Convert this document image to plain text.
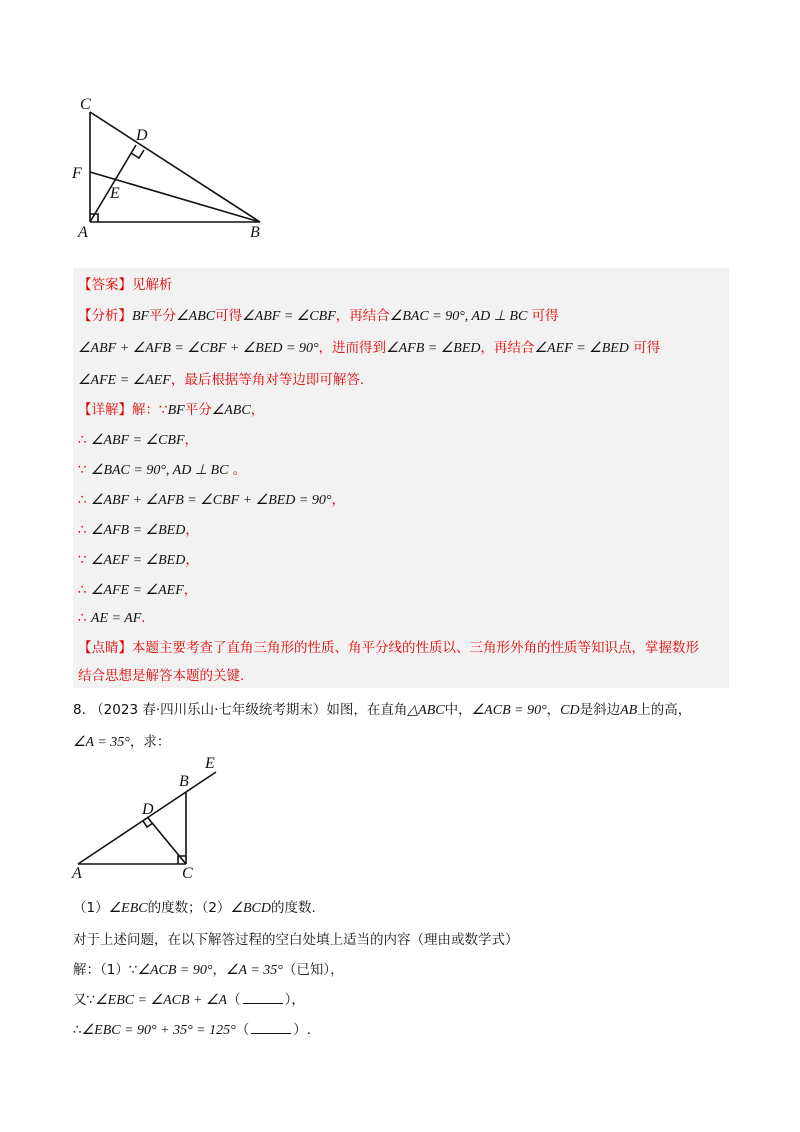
C
D
F
E
A	B
【答案】见解析
【分析】BF平分∠ABC可得∠ABF = ∠CBF，再结合∠BAC = 90°, AD ⊥ BC 可得
∠ABF + ∠AFB = ∠CBF + ∠BED = 90°，进而得到∠AFB = ∠BED，再结合∠AEF = ∠BED 可得
∠AFE = ∠AEF，最后根据等角对等边即可解答.
【详解】解：∵BF平分∠ABC，
∴ ∠ABF = ∠CBF，
∵ ∠BAC = 90°, AD ⊥ BC 。
∴ ∠ABF + ∠AFB = ∠CBF + ∠BED = 90°，
∴ ∠AFB = ∠BED，
∵ ∠AEF = ∠BED，
∴ ∠AFE = ∠AEF，
∴ AE = AF.
【点睛】本题主要考查了直角三角形的性质、角平分线的性质以、三角形外角的性质等知识点，掌握数形
结合思想是解答本题的关键.
8. （2023 春·四川乐山·七年级统考期末）如图，在直角△ABC中，∠ACB = 90°，CD是斜边AB上的高，
∠A = 35°，求：
E
B
D
A	C
（1）∠EBC的度数；（2）∠BCD的度数.
对于上述问题，在以下解答过程的空白处填上适当的内容（理由或数学式）
解：（1）∵∠ACB = 90°，∠A = 35°（已知），
又∵∠EBC = ∠ACB + ∠A（	），
∴∠EBC = 90° + 35° = 125°（	）.
